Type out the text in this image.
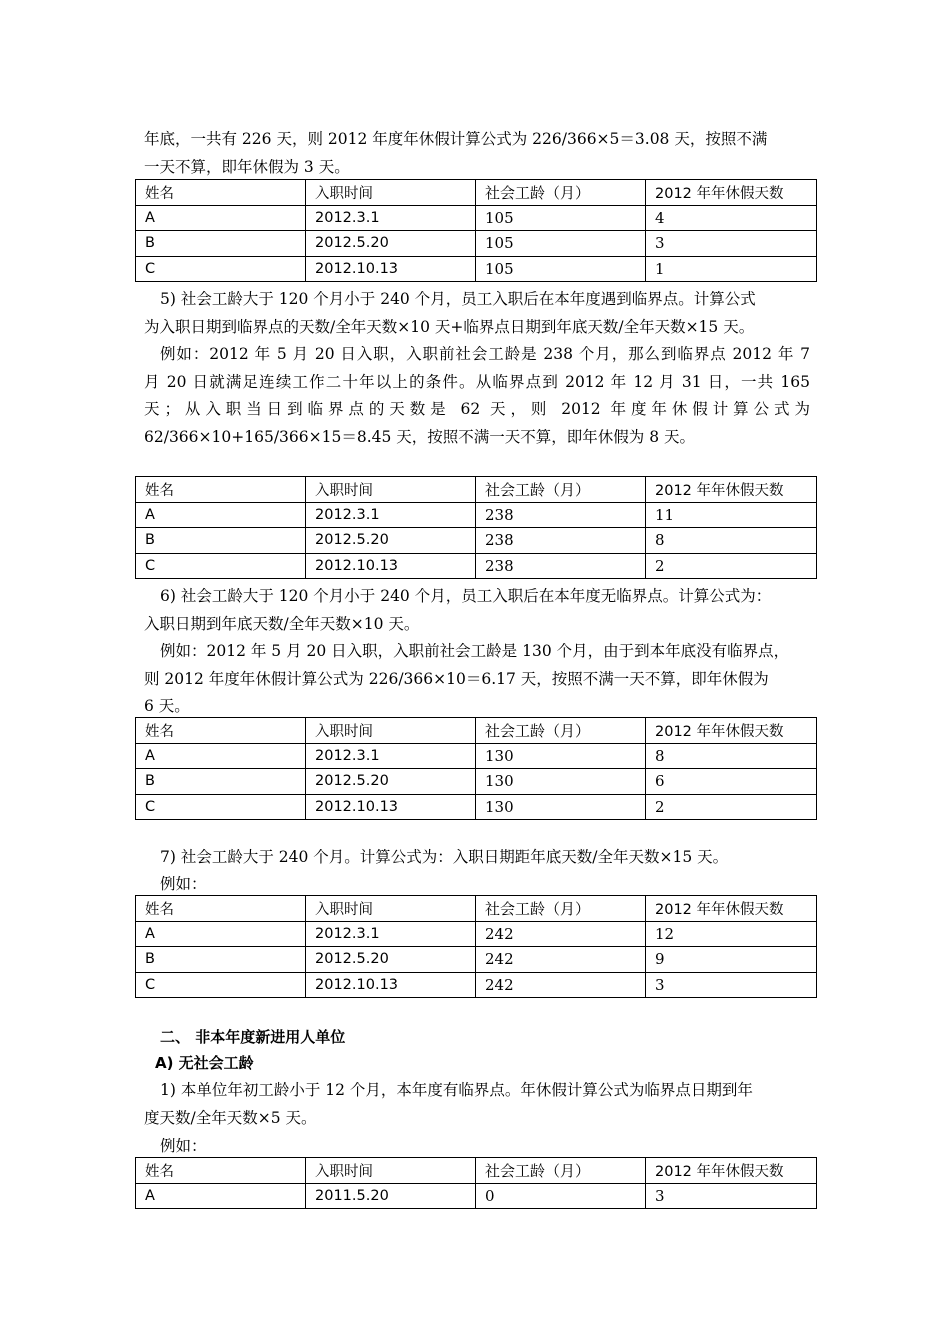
年底，一共有 226 天，则 2012 年度年休假计算公式为 226/366×5＝3.08 天，按照不满
一天不算，即年休假为 3 天。

姓名	入职时间	社会工龄（月）	2012 年年休假天数
A	2012.3.1	105	4
B	2012.5.20	105	3
C	2012.10.13	105	1

5) 社会工龄大于 120 个月小于 240 个月，员工入职后在本年度遇到临界点。计算公式
为入职日期到临界点的天数/全年天数×10 天+临界点日期到年底天数/全年天数×15 天。

例如：2012 年 5 月 20 日入职，入职前社会工龄是 238 个月，那么到临界点 2012 年 7
月 20 日就满足连续工作二十年以上的条件。从临界点到 2012 年 12 月 31 日，一共 165
天；从入职当日到临界点的天数是 62 天，则 2012 年度年休假计算公式为
62/366×10+165/366×15＝8.45 天，按照不满一天不算，即年休假为 8 天。

姓名	入职时间	社会工龄（月）	2012 年年休假天数
A	2012.3.1	238	11
B	2012.5.20	238	8
C	2012.10.13	238	2

6) 社会工龄大于 120 个月小于 240 个月，员工入职后在本年度无临界点。计算公式为：
入职日期到年底天数/全年天数×10 天。

例如：2012 年 5 月 20 日入职，入职前社会工龄是 130 个月，由于到本年底没有临界点，
则 2012 年度年休假计算公式为 226/366×10＝6.17 天，按照不满一天不算，即年休假为
6 天。

姓名	入职时间	社会工龄（月）	2012 年年休假天数
A	2012.3.1	130	8
B	2012.5.20	130	6
C	2012.10.13	130	2

7) 社会工龄大于 240 个月。计算公式为：入职日期距年底天数/全年天数×15 天。

例如：

姓名	入职时间	社会工龄（月）	2012 年年休假天数
A	2012.3.1	242	12
B	2012.5.20	242	9
C	2012.10.13	242	3

二、 非本年度新进用人单位

A) 无社会工龄

1) 本单位年初工龄小于 12 个月，本年度有临界点。年休假计算公式为临界点日期到年
度天数/全年天数×5 天。

例如：

姓名	入职时间	社会工龄（月）	2012 年年休假天数
A	2011.5.20	0	3
